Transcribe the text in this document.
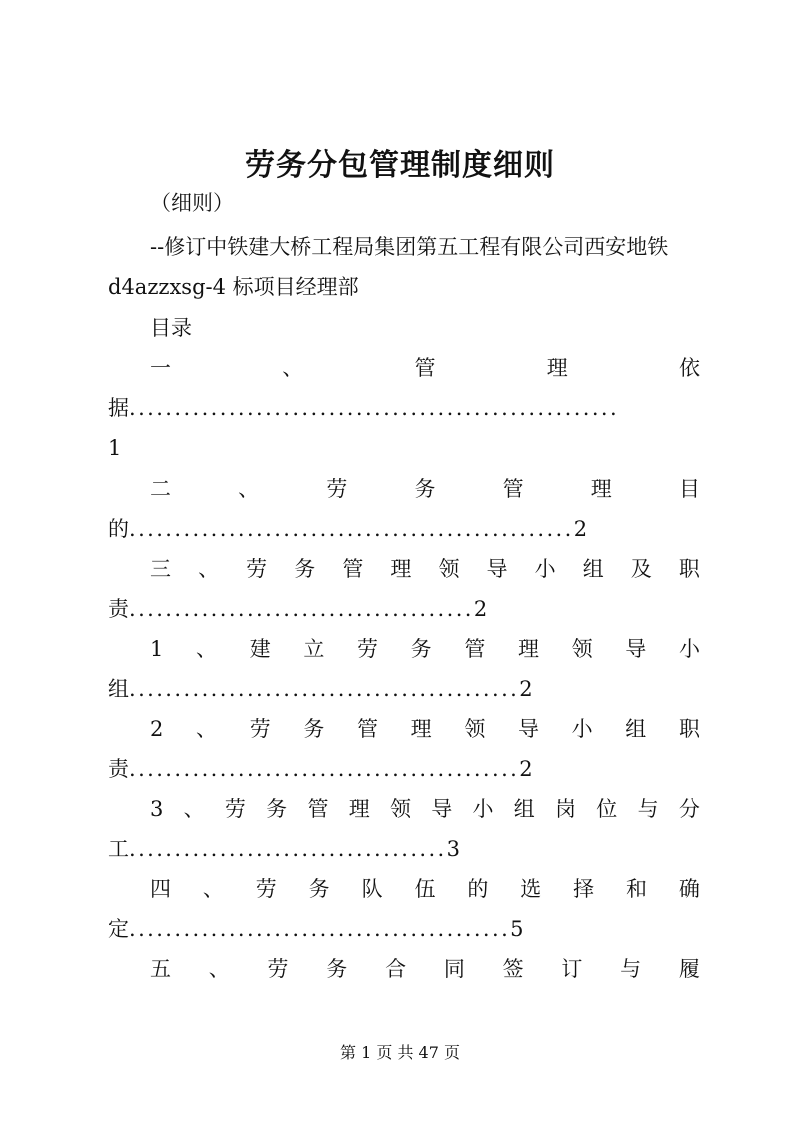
劳务分包管理制度细则
（细则）
--修订中铁建大桥工程局集团第五工程有限公司西安地铁
d4azzxsg-4 标项目经理部
目录
一	、	管	理	依
据 ......................................................
1
二	、	劳	务	管	理	目
的 ................................................. 2
三 、 劳 务 管 理 领 导 小 组 及 职
责 ...................................... 2
1 、 建 立 劳 务 管 理 领 导 小
组 ........................................... 2
2 、 劳 务 管 理 领 导 小 组 职
责 ........................................... 2
3 、 劳 务 管 理 领 导 小 组 岗 位 与 分
工 ................................... 3
四 、 劳 务 队 伍 的 选 择 和 确
定 .......................................... 5
五 、 劳 务 合 同 签 订 与 履
第 1 页 共 47 页
